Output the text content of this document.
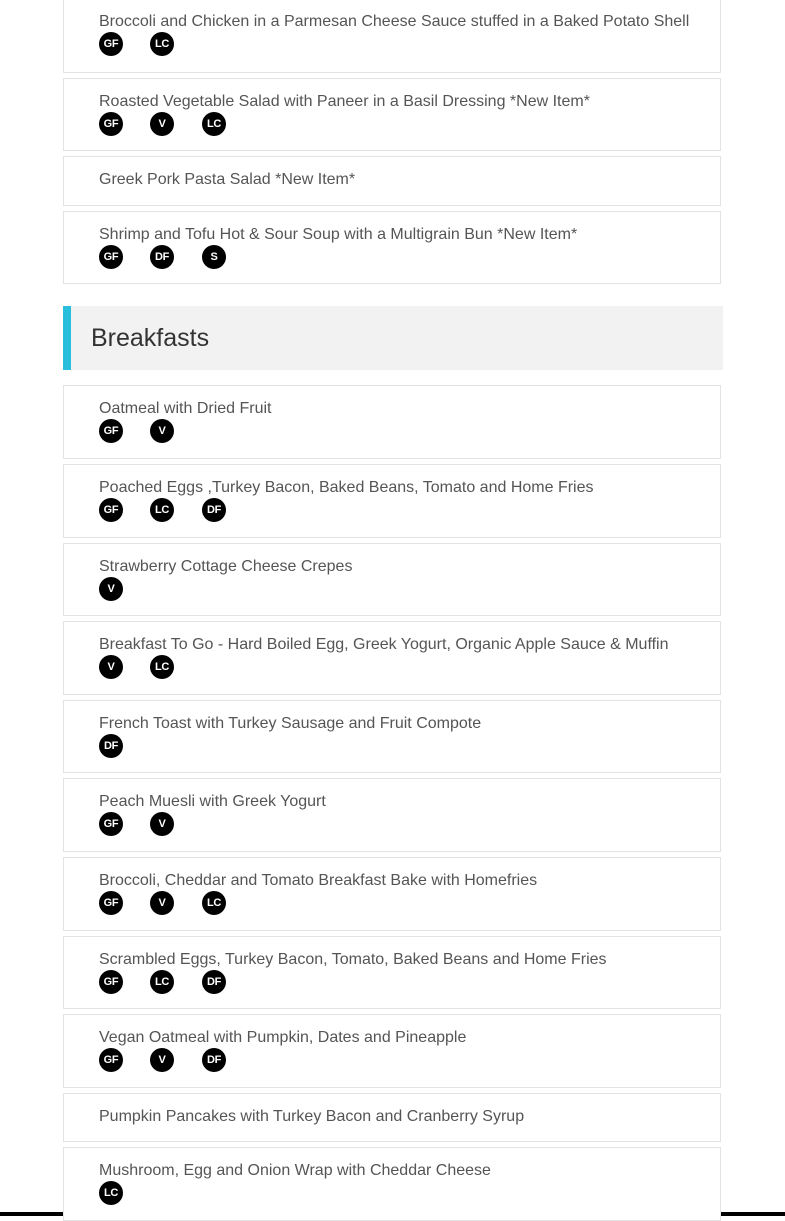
Breakfasts
Broccoli and Chicken in a Parmesan Cheese Sauce stuffed in a Baked Potato Shell
GF	LC
Roasted Vegetable Salad with Paneer in a Basil Dressing *New Item*
GF	V	LC
Greek Pork Pasta Salad *New Item*
Shrimp and Tofu Hot & Sour Soup with a Multigrain Bun *New Item*
GF	DF	S
Oatmeal with Dried Fruit
GF	V
Poached Eggs ,Turkey Bacon, Baked Beans, Tomato and Home Fries
GF	LC	DF
Strawberry Cottage Cheese Crepes
V
Breakfast To Go - Hard Boiled Egg, Greek Yogurt, Organic Apple Sauce & Muffin
V	LC
French Toast with Turkey Sausage and Fruit Compote
DF
Peach Muesli with Greek Yogurt
GF	V
Broccoli, Cheddar and Tomato Breakfast Bake with Homefries
GF	V	LC
Scrambled Eggs, Turkey Bacon, Tomato, Baked Beans and Home Fries
GF	LC	DF
Vegan Oatmeal with Pumpkin, Dates and Pineapple
GF	V	DF
Pumpkin Pancakes with Turkey Bacon and Cranberry Syrup
Mushroom, Egg and Onion Wrap with Cheddar Cheese
LC
